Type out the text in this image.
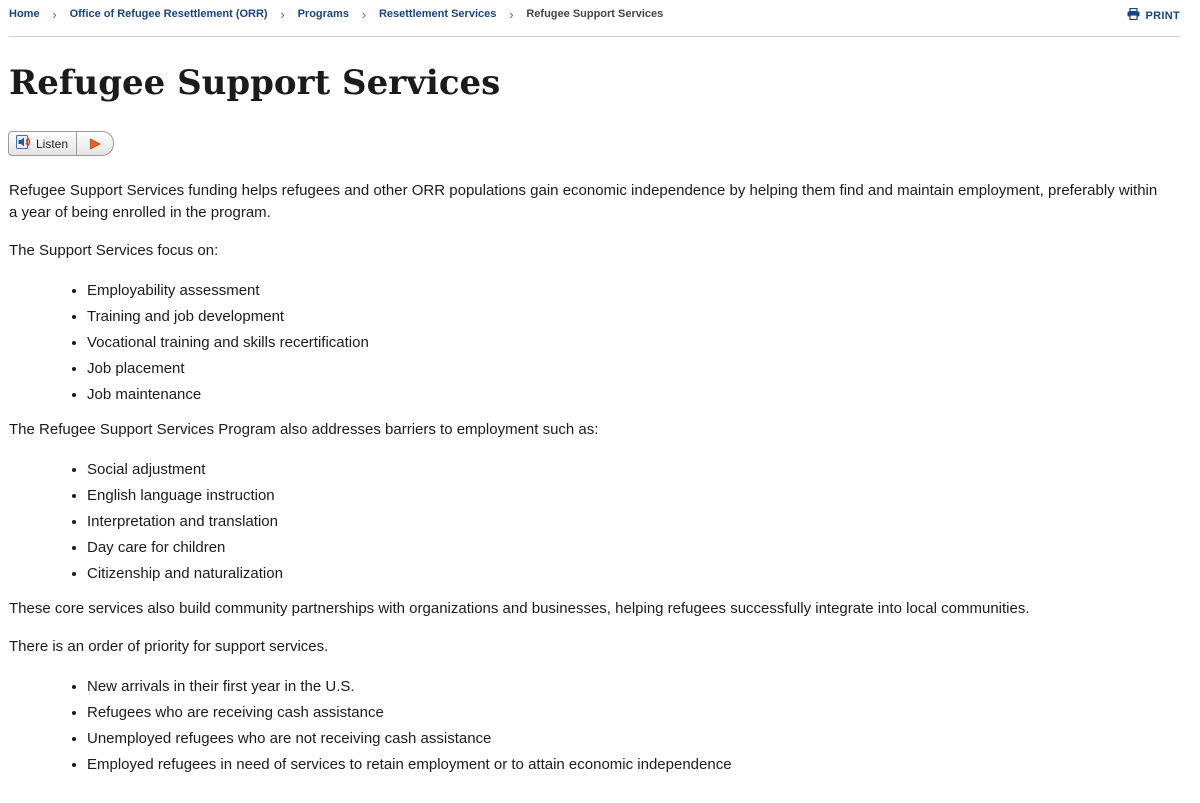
Home ›	Office of Refugee Resettlement (ORR) ›	Programs ›	Resettlement Services ›	Refugee Support Services	PRINT
Refugee Support Services
Listen

Refugee Support Services funding helps refugees and other ORR populations gain economic independence by helping them find and maintain employment, preferably within a year of being enrolled in the program.

The Support Services focus on:

• Employability assessment
• Training and job development
• Vocational training and skills recertification
• Job placement
• Job maintenance

The Refugee Support Services Program also addresses barriers to employment such as:

• Social adjustment
• English language instruction
• Interpretation and translation
• Day care for children
• Citizenship and naturalization

These core services also build community partnerships with organizations and businesses, helping refugees successfully integrate into local communities.

There is an order of priority for support services.

• New arrivals in their first year in the U.S.
• Refugees who are receiving cash assistance
• Unemployed refugees who are not receiving cash assistance
• Employed refugees in need of services to retain employment or to attain economic independence
